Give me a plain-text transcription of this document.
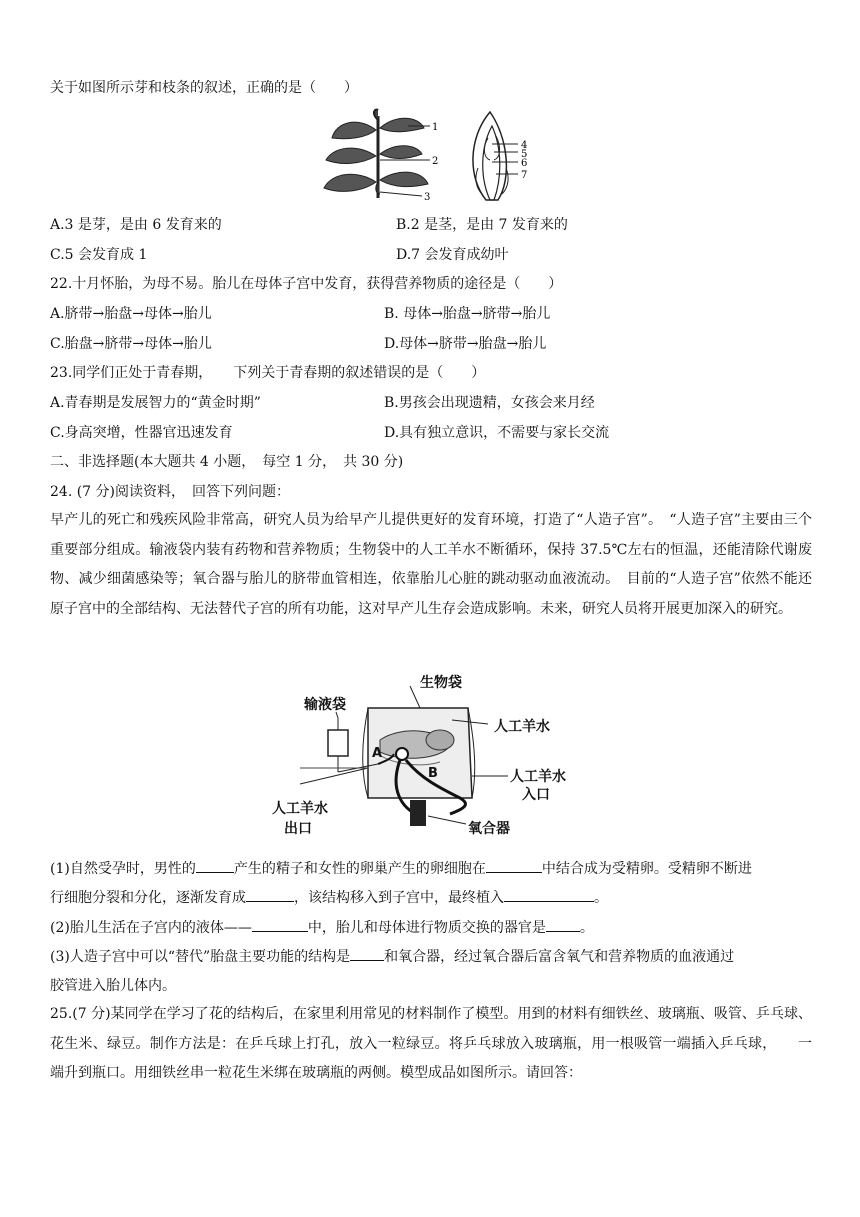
关于如图所示芽和枝条的叙述，正确的是（　　）
1
2
3
4
5
6
7
A.3 是芽，是由 6 发育来的	B.2 是茎，是由 7 发育来的
C.5 会发育成 1	D.7 会发育成幼叶
22.十月怀胎，为母不易。胎儿在母体子宫中发育，获得营养物质的途径是（　　）
A.脐带→胎盘→母体→胎儿	B. 母体→胎盘→脐带→胎儿
C.胎盘→脐带→母体→胎儿	D.母体→脐带→胎盘→胎儿
23.同学们正处于青春期，　　下列关于青春期的叙述错误的是（　　）
A.青春期是发展智力的“黄金时期”	B.男孩会出现遗精，女孩会来月经
C.身高突增，性器官迅速发育	D.具有独立意识，不需要与家长交流
二、非选择题(本大题共 4 小题，　每空 1 分，　共 30 分)
24. (7 分)阅读资料，　回答下列问题：
早产儿的死亡和残疾风险非常高，研究人员为给早产儿提供更好的发育环境，打造了“人造子宫”。　“人造子宫”主要由三个重要部分组成。输液袋内装有药物和营养物质；生物袋中的人工羊水不断循环，保持 37.5℃左右的恒温，还能清除代谢废物、减少细菌感染等；氧合器与胎儿的脐带血管相连，依靠胎儿心脏的跳动驱动血液流动。　目前的“人造子宫”依然不能还原子宫中的全部结构、无法替代子宫的所有功能，这对早产儿生存会造成影响。未来，研究人员将开展更加深入的研究。
生物袋
输液袋
人工羊水
人工羊水
入口
人工羊水
出口	氧合器
A
B
(1)自然受孕时，男性的	产生的精子和女性的卵巢产生的卵细胞在	中结合成为受精卵。受精卵不断进
行细胞分裂和分化，逐渐发育成	，该结构移入到子宫中，最终植入	。
(2)胎儿生活在子宫内的液体——	中，胎儿和母体进行物质交换的器官是 。
(3)人造子宫中可以“替代”胎盘主要功能的结构是 和氧合器，经过氧合器后富含氧气和营养物质的血液通过
胶管进入胎儿体内。
25.(7 分)某同学在学习了花的结构后，在家里利用常见的材料制作了模型。用到的材料有细铁丝、玻璃瓶、吸管、乒乓球、花生米、绿豆。制作方法是：在乒乓球上打孔，放入一粒绿豆。将乒乓球放入玻璃瓶，用一根吸管一端插入乒乓球，　　一端升到瓶口。用细铁丝串一粒花生米绑在玻璃瓶的两侧。模型成品如图所示。请回答：
